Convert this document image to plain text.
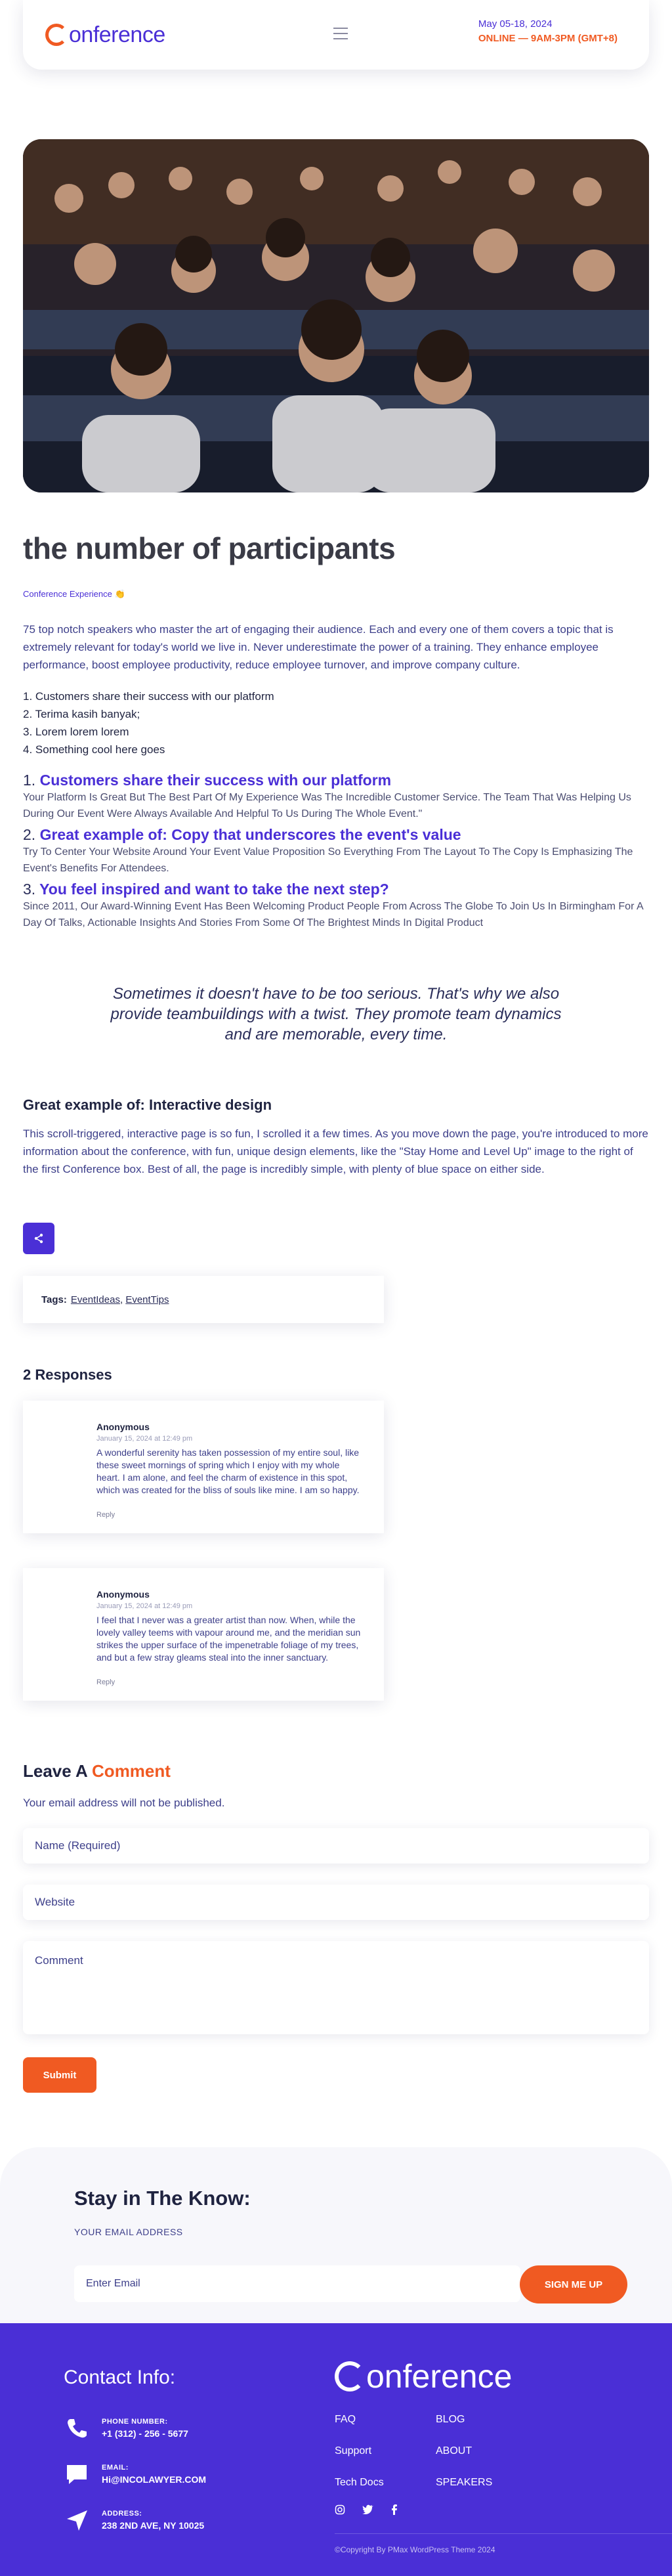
onference	May 05-18, 2024
ONLINE — 9AM-3PM (GMT+8)
the number of participants
Conference Experience 👏

75 top notch speakers who master the art of engaging their audience. Each and every one of them covers a topic that is extremely relevant for today's world we live in. Never underestimate the power of a training. They enhance employee performance, boost employee productivity, reduce employee turnover, and improve company culture.

1. Customers share their success with our platform
2. Terima kasih banyak;
3. Lorem lorem lorem
4. Something cool here goes
1. Customers share their success with our platform
Your Platform Is Great But The Best Part Of My Experience Was The Incredible Customer Service. The Team That Was Helping Us During Our Event Were Always Available And Helpful To Us During The Whole Event."
2. Great example of: Copy that underscores the event's value
Try To Center Your Website Around Your Event Value Proposition So Everything From The Layout To The Copy Is Emphasizing The Event's Benefits For Attendees.
3. You feel inspired and want to take the next step?
Since 2011, Our Award-Winning Event Has Been Welcoming Product People From Across The Globe To Join Us In Birmingham For A Day Of Talks, Actionable Insights And Stories From Some Of The Brightest Minds In Digital Product
Sometimes it doesn't have to be too serious. That's why we also provide teambuildings with a twist. They promote team dynamics and are memorable, every time.
Great example of: Interactive design

This scroll-triggered, interactive page is so fun, I scrolled it a few times. As you move down the page, you're introduced to more information about the conference, with fun, unique design elements, like the "Stay Home and Level Up" image to the right of the first Conference box. Best of all, the page is incredibly simple, with plenty of blue space on either side.

Tags: EventIdeas ,
EventTips
2 Responses
Anonymous
January 15, 2024 at 12:49 pm
A wonderful serenity has taken possession of my entire soul, like these sweet mornings of spring which I enjoy with my whole heart. I am alone, and feel the charm of existence in this spot, which was created for the bliss of souls like mine. I am so happy.
Reply
Anonymous
January 15, 2024 at 12:49 pm
I feel that I never was a greater artist than now. When, while the lovely valley teems with vapour around me, and the meridian sun strikes the upper surface of the impenetrable foliage of my trees, and but a few stray gleams steal into the inner sanctuary.
Reply
Leave A Comment
Your email address will not be published.
Name (Required)
Website
Comment
Submit
Stay in The Know:
YOUR EMAIL ADDRESS
Enter Email	SIGN ME UP
Contact Info:
PHONE NUMBER:
+1 (312) - 256 - 5677
EMAIL:
Hi@INCOLAWYER.COM
ADDRESS:
238 2ND AVE, NY 10025
onference
FAQ
Support
Tech Docs
BLOG
ABOUT
SPEAKERS
©Copyright By PMax WordPress Theme 2024
